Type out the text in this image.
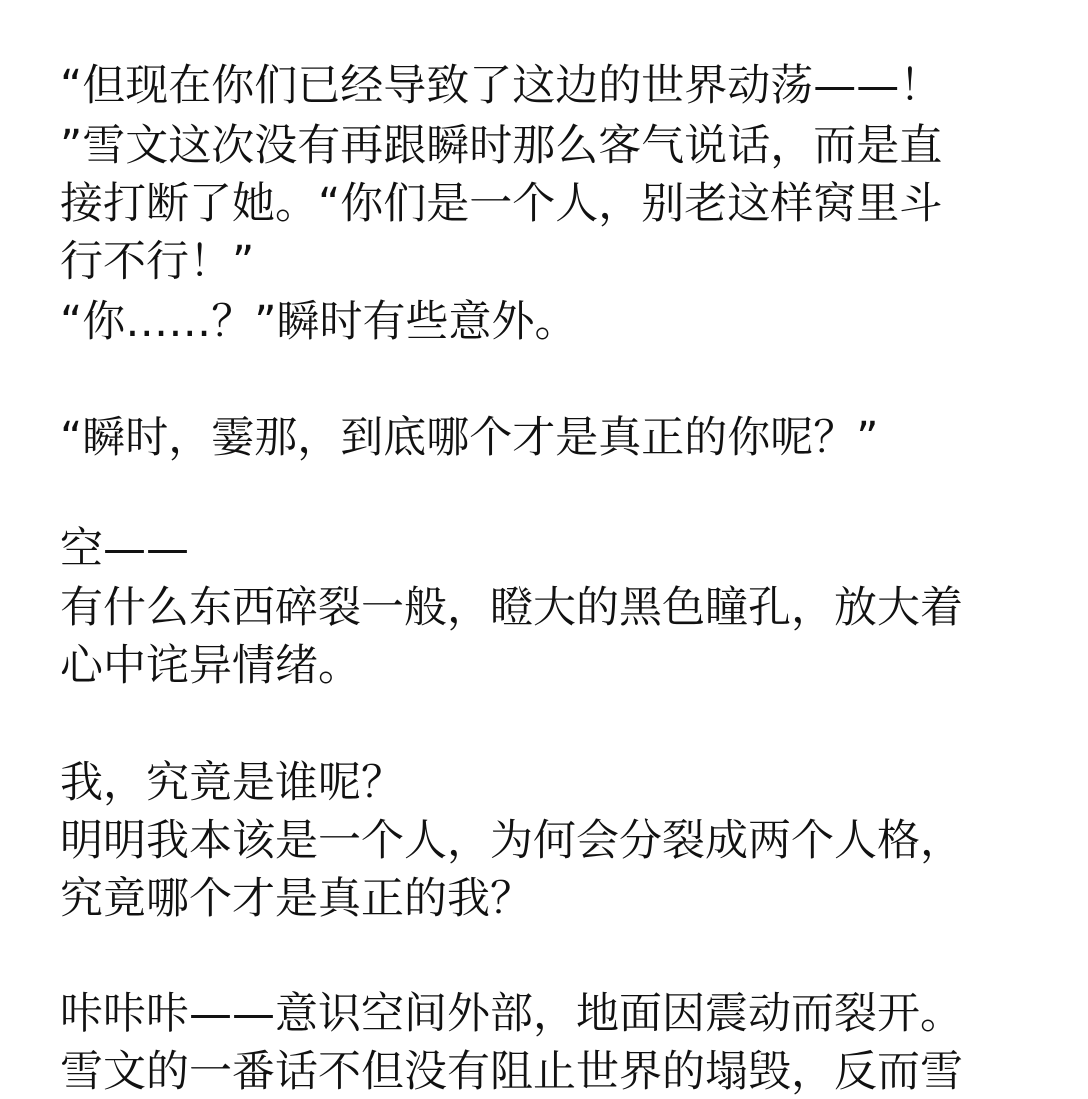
“但现在你们已经导致了这边的世界动荡——！
”雪文这次没有再跟瞬时那么客气说话，而是直
接打断了她。“你们是一个人，别老这样窝里斗
行不行！”
“你……？”瞬时有些意外。
“瞬时，霎那，到底哪个才是真正的你呢？”
空——
有什么东西碎裂一般，瞪大的黑色瞳孔，放大着
心中诧异情绪。
我，究竟是谁呢？
明明我本该是一个人，为何会分裂成两个人格，
究竟哪个才是真正的我？
咔咔咔——意识空间外部，地面因震动而裂开。
雪文的一番话不但没有阻止世界的塌毁，反而雪
